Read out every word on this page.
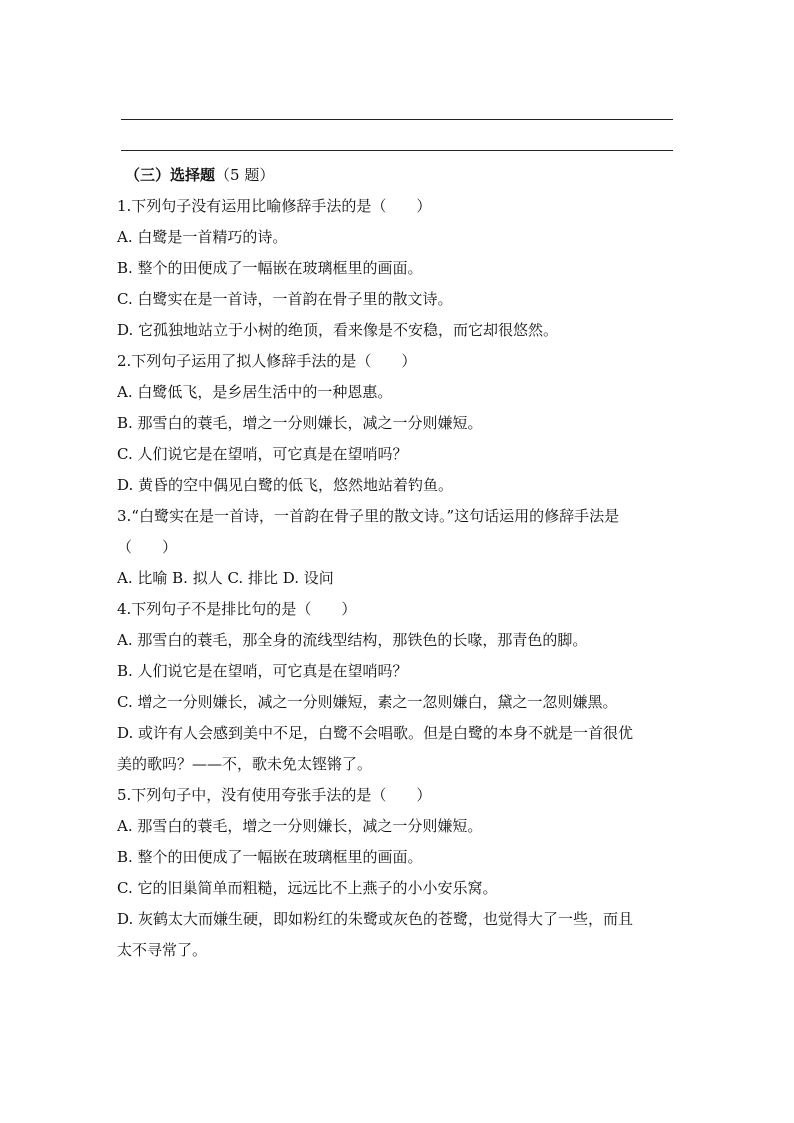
（三）选择题（5 题）
1.下列句子没有运用比喻修辞手法的是（　　）
A. 白鹭是一首精巧的诗。
B. 整个的田便成了一幅嵌在玻璃框里的画面。
C. 白鹭实在是一首诗，一首韵在骨子里的散文诗。
D. 它孤独地站立于小树的绝顶，看来像是不安稳，而它却很悠然。
2.下列句子运用了拟人修辞手法的是（　　）
A. 白鹭低飞，是乡居生活中的一种恩惠。
B. 那雪白的蓑毛，增之一分则嫌长，减之一分则嫌短。
C. 人们说它是在望哨，可它真是在望哨吗？
D. 黄昏的空中偶见白鹭的低飞，悠然地站着钓鱼。
3.“白鹭实在是一首诗，一首韵在骨子里的散文诗。”这句话运用的修辞手法是
（　　）
A. 比喻 B. 拟人 C. 排比 D. 设问
4.下列句子不是排比句的是（　　）
A. 那雪白的蓑毛，那全身的流线型结构，那铁色的长喙，那青色的脚。
B. 人们说它是在望哨，可它真是在望哨吗？
C. 增之一分则嫌长，减之一分则嫌短，素之一忽则嫌白，黛之一忽则嫌黑。
D. 或许有人会感到美中不足，白鹭不会唱歌。但是白鹭的本身不就是一首很优
美的歌吗？——不，歌未免太铿锵了。
5.下列句子中，没有使用夸张手法的是（　　）
A. 那雪白的蓑毛，增之一分则嫌长，减之一分则嫌短。
B. 整个的田便成了一幅嵌在玻璃框里的画面。
C. 它的旧巢简单而粗糙，远远比不上燕子的小小安乐窝。
D. 灰鹤太大而嫌生硬，即如粉红的朱鹭或灰色的苍鹭，也觉得大了一些，而且
太不寻常了。
